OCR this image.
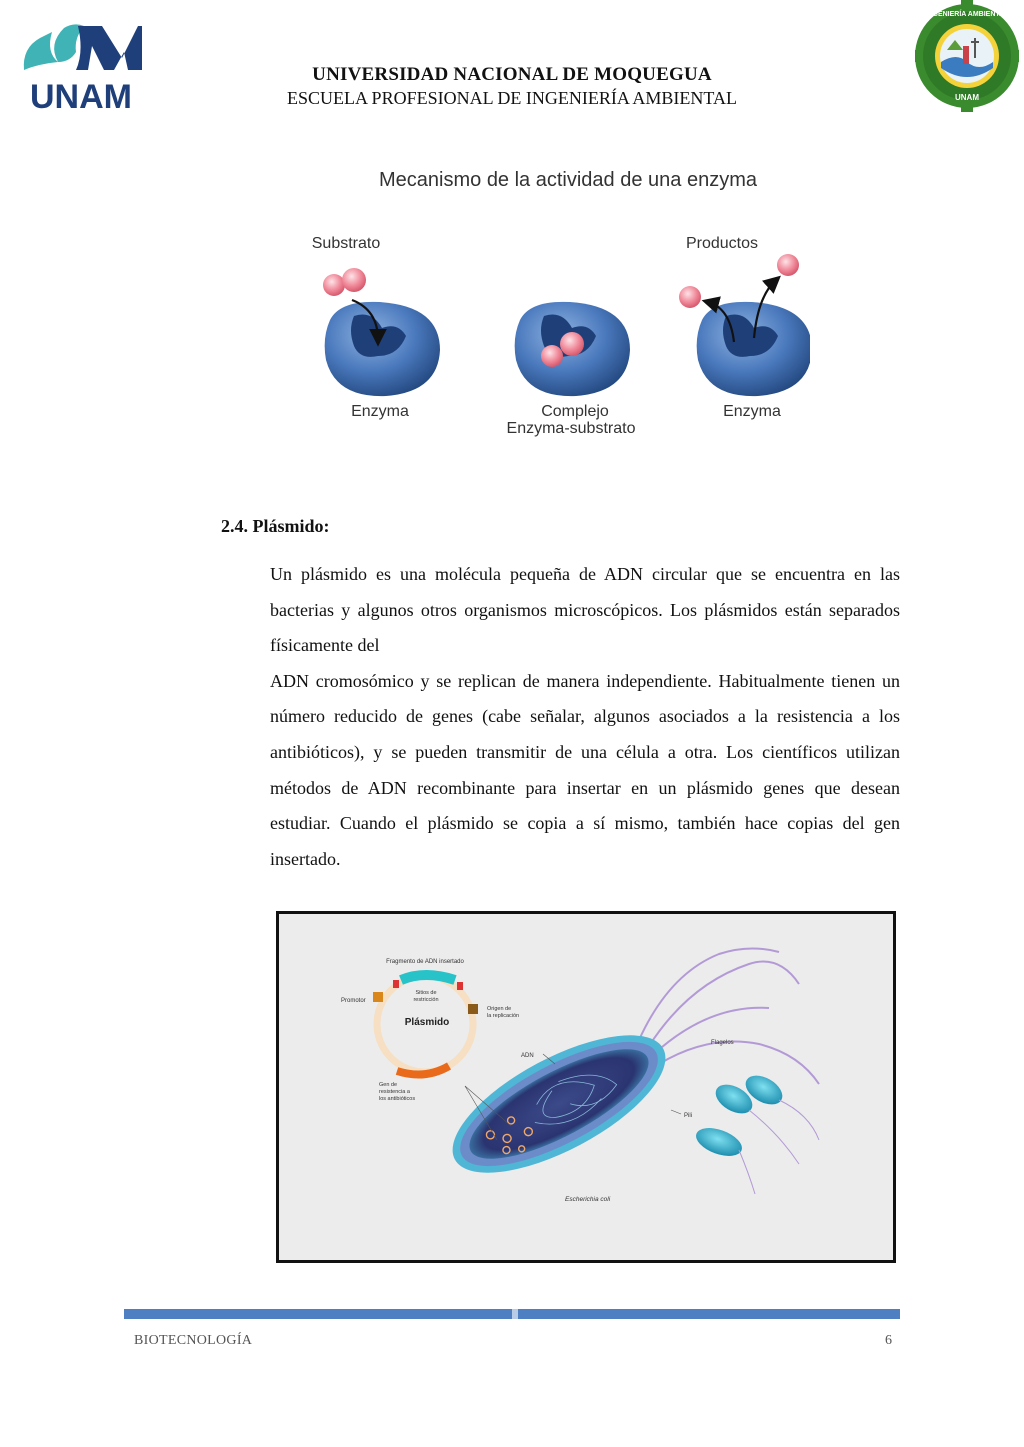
UNAM
INGENIERÍA AMBIENTAL
UNAM
UNIVERSIDAD NACIONAL DE MOQUEGUA
ESCUELA PROFESIONAL DE INGENIERÍA AMBIENTAL
Mecanismo de la actividad de una enzyma
Substrato	Productos
Enzyma	Complejo
Enzyma-substrato
Enzyma
2.4. Plásmido:

Un plásmido es una molécula pequeña de ADN circular que se encuentra en las bacterias y algunos otros organismos microscópicos. Los plásmidos están separados físicamente del

ADN cromosómico y se replican de manera independiente. Habitualmente tienen un número reducido de genes (cabe señalar, algunos asociados a la resistencia a los antibióticos), y se pueden transmitir de una célula a otra. Los científicos utilizan métodos de ADN recombinante para insertar en un plásmido genes que desean estudiar. Cuando el plásmido se copia a sí mismo, también hace copias del gen insertado.

Fragmento de ADN insertado
Sitios de
restricción
Promotor
Origen de
la replicación
Plásmido
Gen de
resistencia a
los antibióticos
ADN
Flagelos
Pili
Escherichia coli
BIOTECNOLOGÍA	6
